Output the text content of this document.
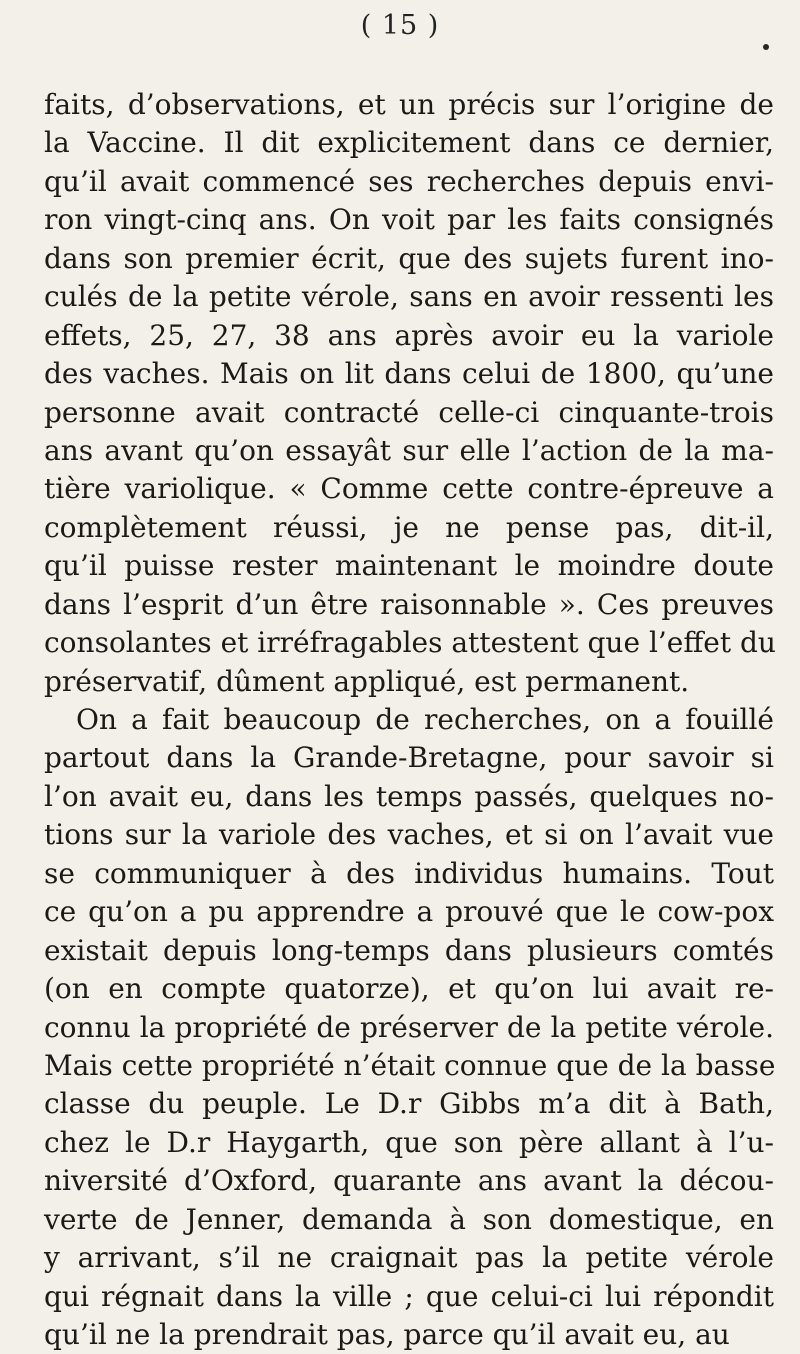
( 15 )
faits, d’observations, et un précis sur l’origine de
la Vaccine. Il dit explicitement dans ce dernier,
qu’il avait commencé ses recherches depuis envi-
ron vingt-cinq ans. On voit par les faits consignés
dans son premier écrit, que des sujets furent ino-
culés de la petite vérole, sans en avoir ressenti les
effets, 25, 27, 38 ans après avoir eu la variole
des vaches. Mais on lit dans celui de 1800, qu’une
personne avait contracté celle-ci cinquante-trois
ans avant qu’on essayât sur elle l’action de la ma-
tière variolique. « Comme cette contre-épreuve a
complètement réussi, je ne pense pas, dit-il,
qu’il puisse rester maintenant le moindre doute
dans l’esprit d’un être raisonnable ». Ces preuves
consolantes et irréfragables attestent que l’effet du
préservatif, dûment appliqué, est permanent.
On a fait beaucoup de recherches, on a fouillé
partout dans la Grande-Bretagne, pour savoir si
l’on avait eu, dans les temps passés, quelques no-
tions sur la variole des vaches, et si on l’avait vue
se communiquer à des individus humains. Tout
ce qu’on a pu apprendre a prouvé que le cow-pox
existait depuis long-temps dans plusieurs comtés
(on en compte quatorze), et qu’on lui avait re-
connu la propriété de préserver de la petite vérole.
Mais cette propriété n’était connue que de la basse
classe du peuple. Le D.r Gibbs m’a dit à Bath,
chez le D.r Haygarth, que son père allant à l’u-
niversité d’Oxford, quarante ans avant la décou-
verte de Jenner, demanda à son domestique, en
y arrivant, s’il ne craignait pas la petite vérole
qui régnait dans la ville ; que celui-ci lui répondit
qu’il ne la prendrait pas, parce qu’il avait eu, au
